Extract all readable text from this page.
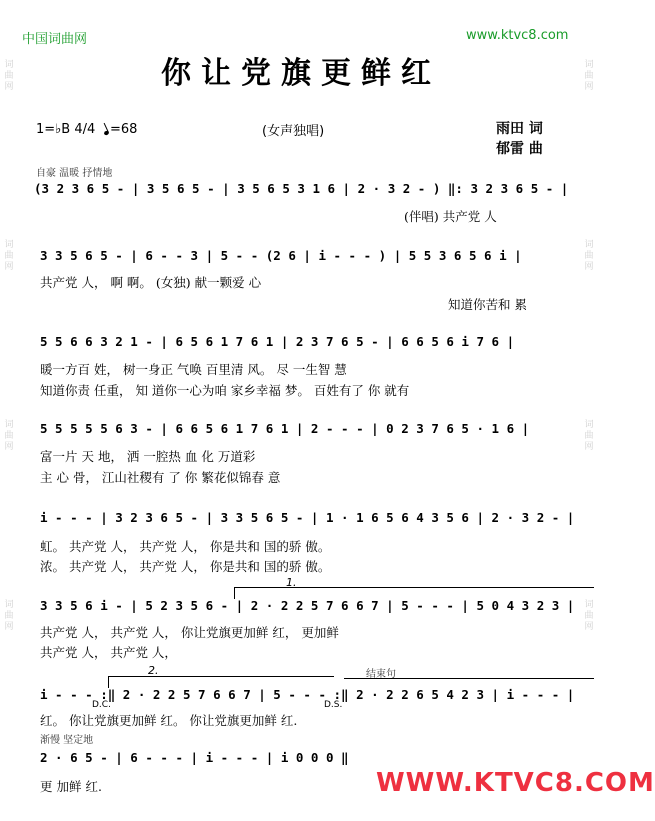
中国词曲网	www.ktvc8.com
你让党旗更鲜红
1=♭B 4/4	=68	(女声独唱)	雨田 词
郁雷 曲
词曲网
词曲网
词曲网
词曲网
词曲网
词曲网
词曲网
词曲网
自豪 温暖 抒情地
(3 2 3 6 5 - | 3 5 6 5 - | 3 5 6 5 3 1 6 | 2 · 3 2 - ) ‖: 3 2 3 6 5 - |
(伴唱) 共产党 人
3 3 5 6 5 - | 6 - - 3 | 5 - - (2 6 | i - - - ) | 5 5 3 6 5 6 i |
共产党 人， 啊 啊。 (女独) 献一颗爱 心
知道你苦和 累
5 5 6 6 3 2 1 - | 6 5 6 1 7 6 1 | 2 3 7 6 5 - | 6 6 5 6 i 7 6 |
暖一方百 姓， 树一身正 气唤 百里清 风。 尽 一生智 慧
知道你责 任重， 知 道你一心为咱 家乡幸福 梦。 百姓有了 你 就有
5 5 5 5 5 6 3 - | 6 6 5 6 1 7 6 1 | 2 - - - | 0 2 3 7 6 5 · 1 6 |
富一片 天 地， 洒 一腔热 血 化 万道彩
主 心 骨， 江山社稷有 了 你 繁花似锦春 意
i - - - | 3 2 3 6 5 - | 3 3 5 6 5 - | 1 · 1 6 5 6 4 3 5 6 | 2 · 3 2 - |
虹。 共产党 人， 共产党 人， 你是共和 国的骄 傲。
浓。 共产党 人， 共产党 人， 你是共和 国的骄 傲。
1.
3 3 5 6 i - | 5 2 3 5 6 - | 2 · 2 2 5 7 6 6 7 | 5 - - - | 5 0 4 3 2 3 |
共产党 人， 共产党 人， 你让党旗更加鲜 红， 更加鲜
共产党 人， 共产党 人，
2.	结束句
i - - - :‖ 2 · 2 2 5 7 6 6 7 | 5 - - - :‖ 2 · 2 2 6 5 4 2 3 | i - - - |
D.C.	D.S.
红。 你让党旗更加鲜 红。 你让党旗更加鲜 红.
渐慢 坚定地
2 · 6 5 - | 6 - - - | i - - - | i 0 0 0 ‖
更 加鲜 红.	WWW.KTVC8.COM
